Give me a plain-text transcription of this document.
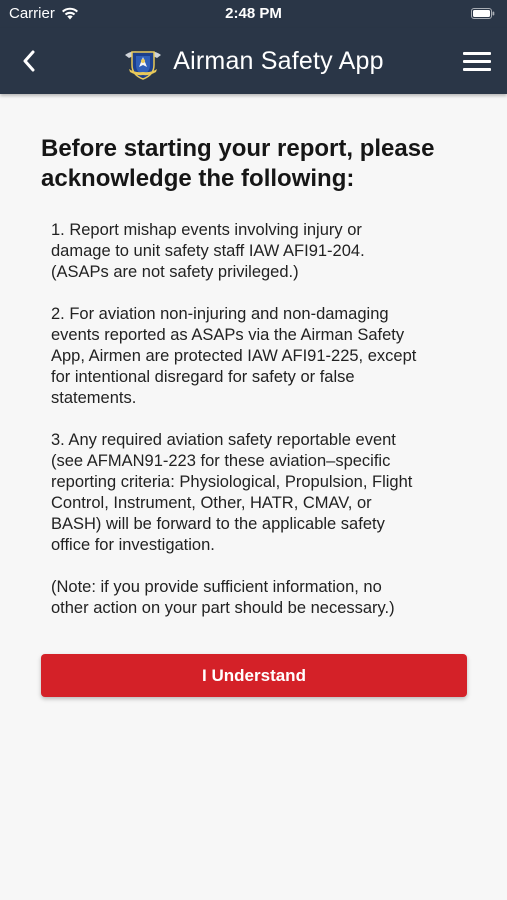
Carrier	2:48 PM
Airman Safety App
Before starting your report, please acknowledge the following:

1. Report mishap events involving injury or
damage to unit safety staff IAW AFI91-204.
(ASAPs are not safety privileged.)

2. For aviation non-injuring and non-damaging
events reported as ASAPs via the Airman Safety
App, Airmen are protected IAW AFI91-225, except
for intentional disregard for safety or false
statements.

3. Any required aviation safety reportable event
(see AFMAN91-223 for these aviation–specific
reporting criteria: Physiological, Propulsion, Flight
Control, Instrument, Other, HATR, CMAV, or
BASH) will be forward to the applicable safety
office for investigation.

(Note: if you provide sufficient information, no
other action on your part should be necessary.)

I Understand
